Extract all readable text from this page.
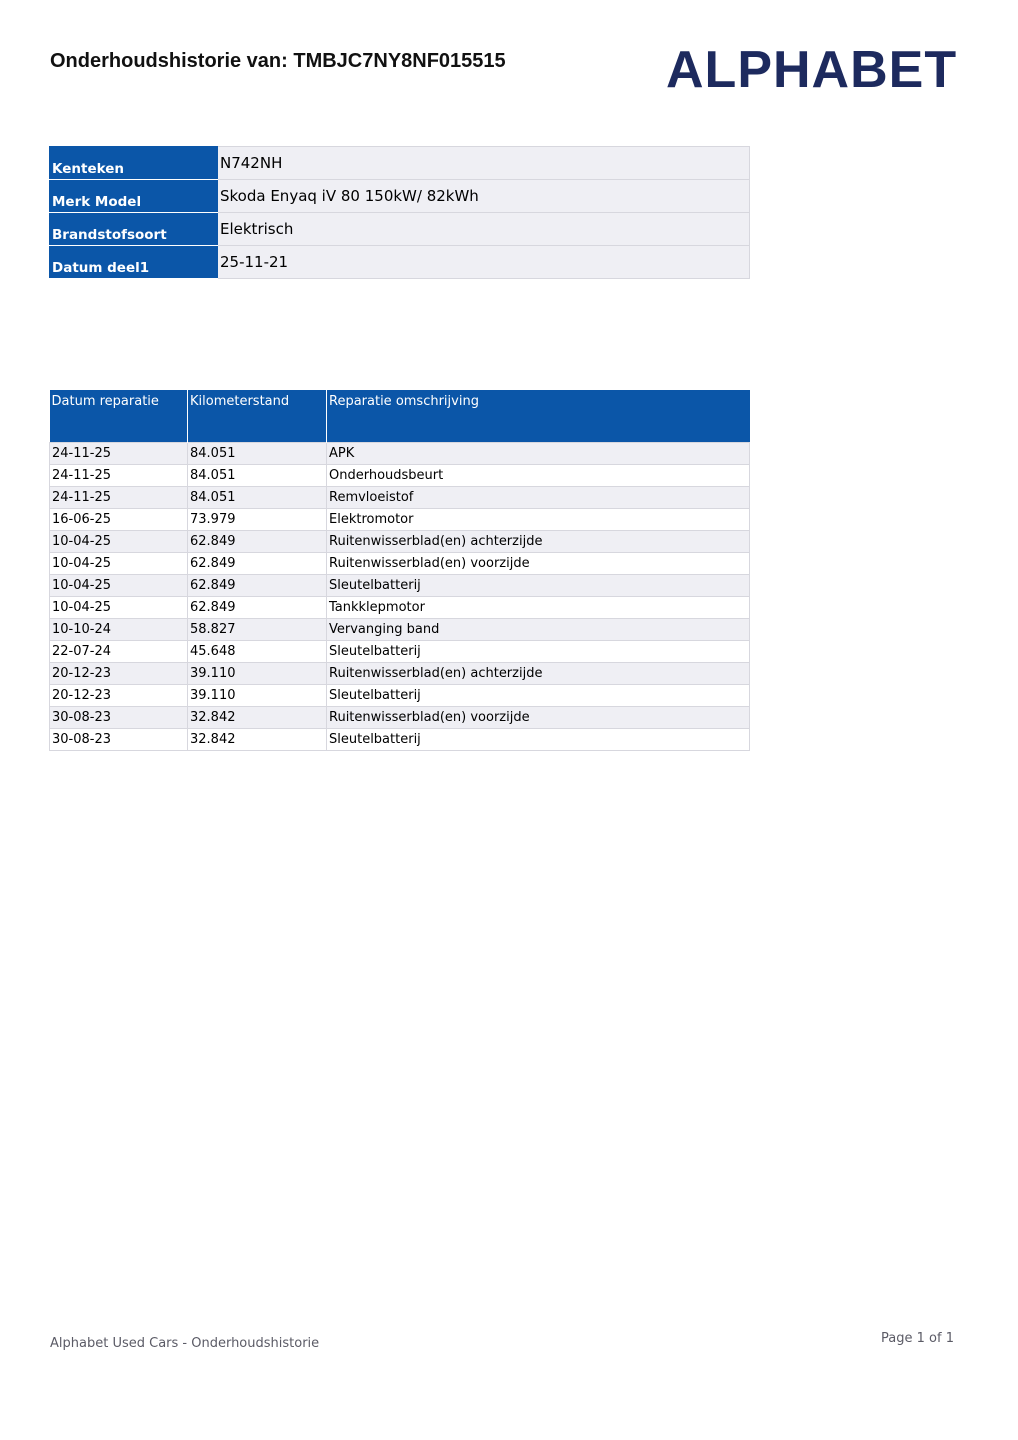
Onderhoudshistorie van: TMBJC7NY8NF015515	ALPHABET
Kenteken	N742NH
Merk Model	Skoda Enyaq iV 80 150kW/ 82kWh
Brandstofsoort	Elektrisch
Datum deel1	25-11-21
Datum reparatie	Kilometerstand	Reparatie omschrijving
24-11-25	84.051	APK
24-11-25	84.051	Onderhoudsbeurt
24-11-25	84.051	Remvloeistof
16-06-25	73.979	Elektromotor
10-04-25	62.849	Ruitenwisserblad(en) achterzijde
10-04-25	62.849	Ruitenwisserblad(en) voorzijde
10-04-25	62.849	Sleutelbatterij
10-04-25	62.849	Tankklepmotor
10-10-24	58.827	Vervanging band
22-07-24	45.648	Sleutelbatterij
20-12-23	39.110	Ruitenwisserblad(en) achterzijde
20-12-23	39.110	Sleutelbatterij
30-08-23	32.842	Ruitenwisserblad(en) voorzijde
30-08-23	32.842	Sleutelbatterij
Alphabet Used Cars - Onderhoudshistorie	Page 1 of 1
